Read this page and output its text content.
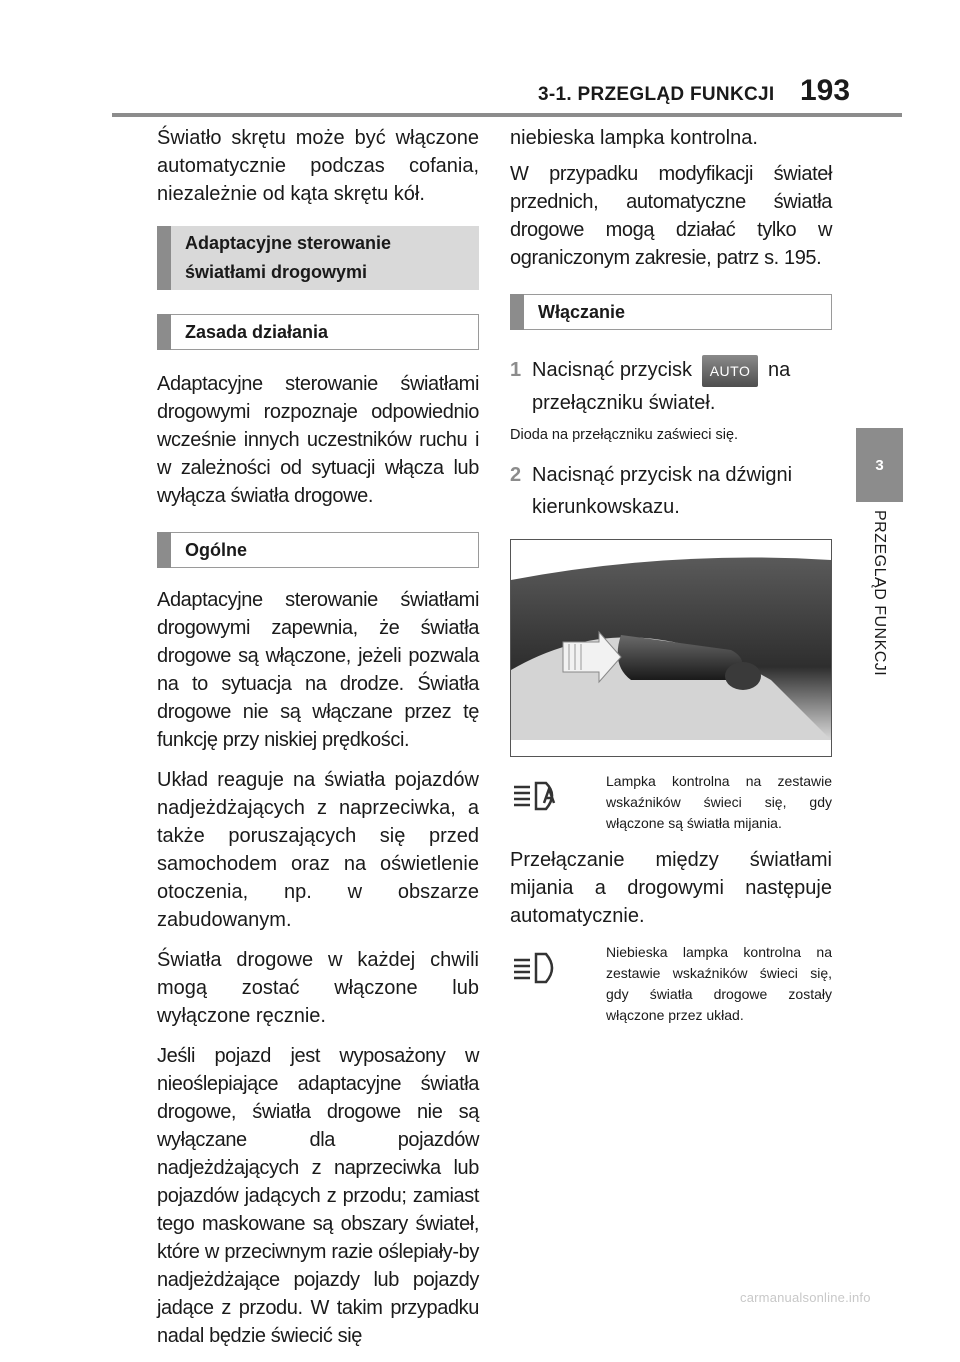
3-1. PRZEGLĄD FUNKCJI 193
3
PRZEGLĄD FUNKCJI

Światło skrętu może być włączone automatycznie podczas cofania, niezależnie od kąta skrętu kół.

Adaptacyjne sterowanie światłami drogowymi
Zasada działania

Adaptacyjne sterowanie światłami drogowymi rozpoznaje odpowiednio wcześnie innych uczestników ruchu i w zależności od sytuacji włącza lub wyłącza światła drogowe.

Ogólne

Adaptacyjne sterowanie światłami drogowymi zapewnia, że światła drogowe są włączone, jeżeli pozwala na to sytuacja na drodze. Światła drogowe nie są włączane przez tę funkcję przy niskiej prędkości.

Układ reaguje na światła pojazdów nadjeżdżających z naprzeciwka, a także poruszających się przed samochodem oraz na oświetlenie otoczenia, np. w obszarze zabudowanym.

Światła drogowe w każdej chwili mogą zostać włączone lub wyłączone ręcznie.

Jeśli pojazd jest wyposażony w nieoślepiające adaptacyjne światła drogowe, światła drogowe nie są wyłączane dla pojazdów nadjeżdżających z naprzeciwka lub pojazdów jadących z przodu; zamiast tego maskowane są obszary świateł, które w przeciwnym razie oślepiały-by nadjeżdżające pojazdy lub pojazdy jadące z przodu. W takim przypadku nadal będzie świecić się

niebieska lampka kontrolna.

W przypadku modyfikacji świateł przednich, automatyczne światła drogowe mogą działać tylko w ograniczonym zakresie, patrz s. 195.

Włączanie
1 Nacisnąć przycisk AUTO na
przełączniku świateł.

Dioda na przełączniku zaświeci się.

2 Nacisnąć przycisk na dźwigni kierunkowskazu.
Lampka kontrolna na zestawie wskaźników świeci się, gdy włączone są światła mijania.

Przełączanie między światłami mijania a drogowymi następuje automatycznie.

Niebieska lampka kontrolna na zestawie wskaźników świeci się, gdy światła drogowe zostały włączone przez układ.
carmanualsonline.info
